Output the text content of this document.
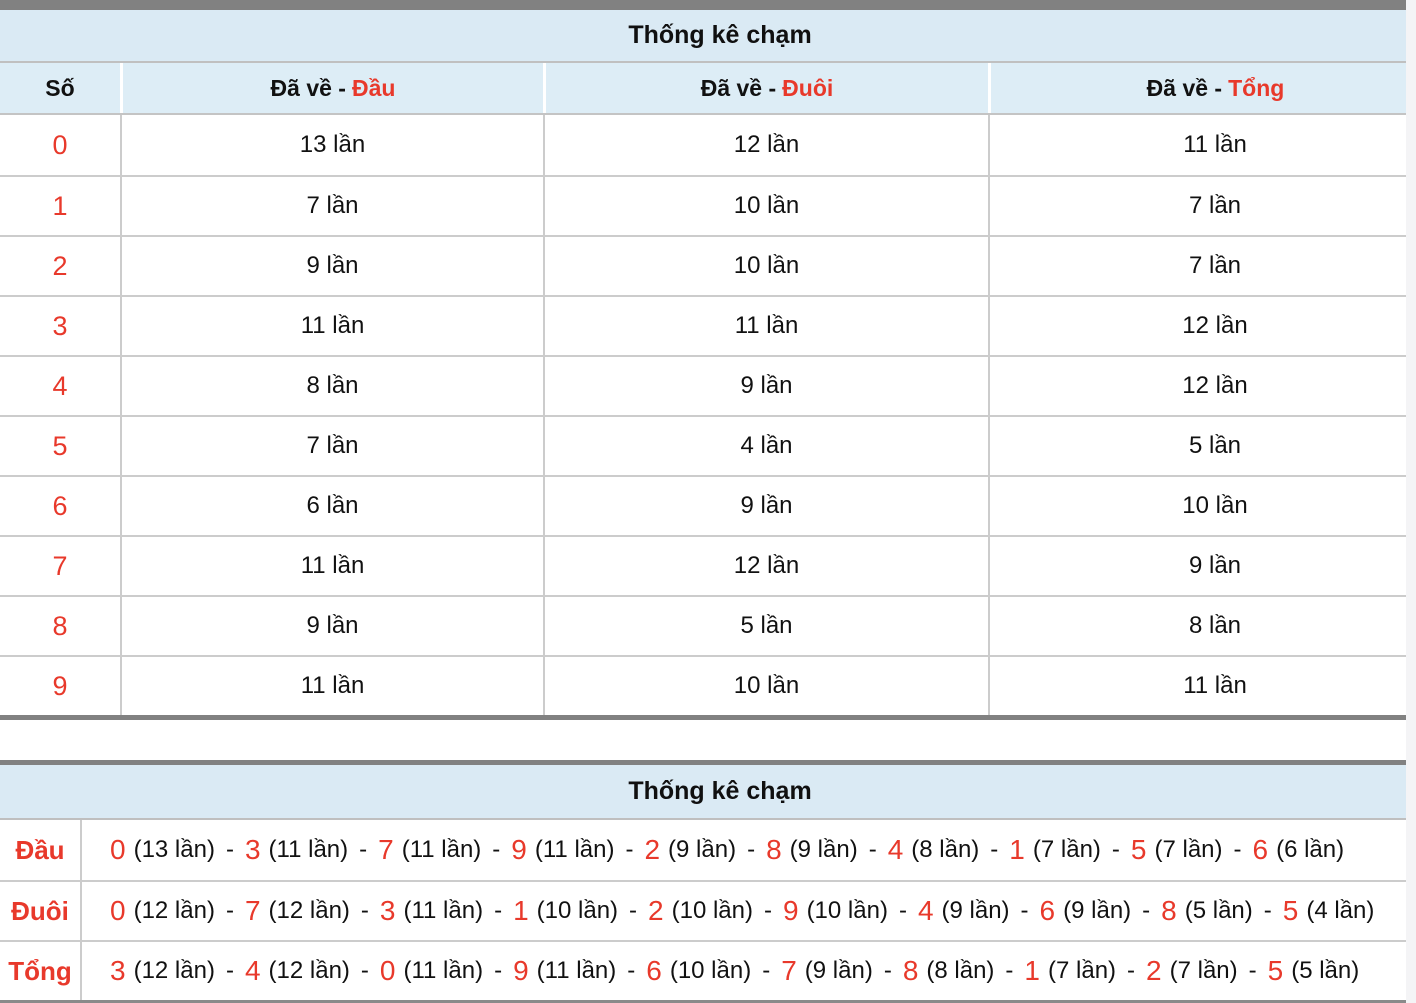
Thống kê chạm
Số	Đã về - Đầu	Đã về - Đuôi	Đã về - Tổng
0	13 lần	12 lần	11 lần
1	7 lần	10 lần	7 lần
2	9 lần	10 lần	7 lần
3	11 lần	11 lần	12 lần
4	8 lần	9 lần	12 lần
5	7 lần	4 lần	5 lần
6	6 lần	9 lần	10 lần
7	11 lần	12 lần	9 lần
8	9 lần	5 lần	8 lần
9	11 lần	10 lần	11 lần
Thống kê chạm
Đầu	0 (13 lần) - 3 (11 lần) - 7 (11 lần) - 9 (11 lần) - 2 (9 lần) - 8 (9 lần) - 4 (8 lần) - 1 (7 lần) - 5 (7 lần) - 6 (6 lần)
Đuôi	0 (12 lần) - 7 (12 lần) - 3 (11 lần) - 1 (10 lần) - 2 (10 lần) - 9 (10 lần) - 4 (9 lần) - 6 (9 lần) - 8 (5 lần) - 5 (4 lần)
Tổng 3 (12 lần) - 4 (12 lần) - 0 (11 lần) - 9 (11 lần) - 6 (10 lần) - 7 (9 lần) - 8 (8 lần) - 1 (7 lần) - 2 (7 lần) - 5 (5 lần)
